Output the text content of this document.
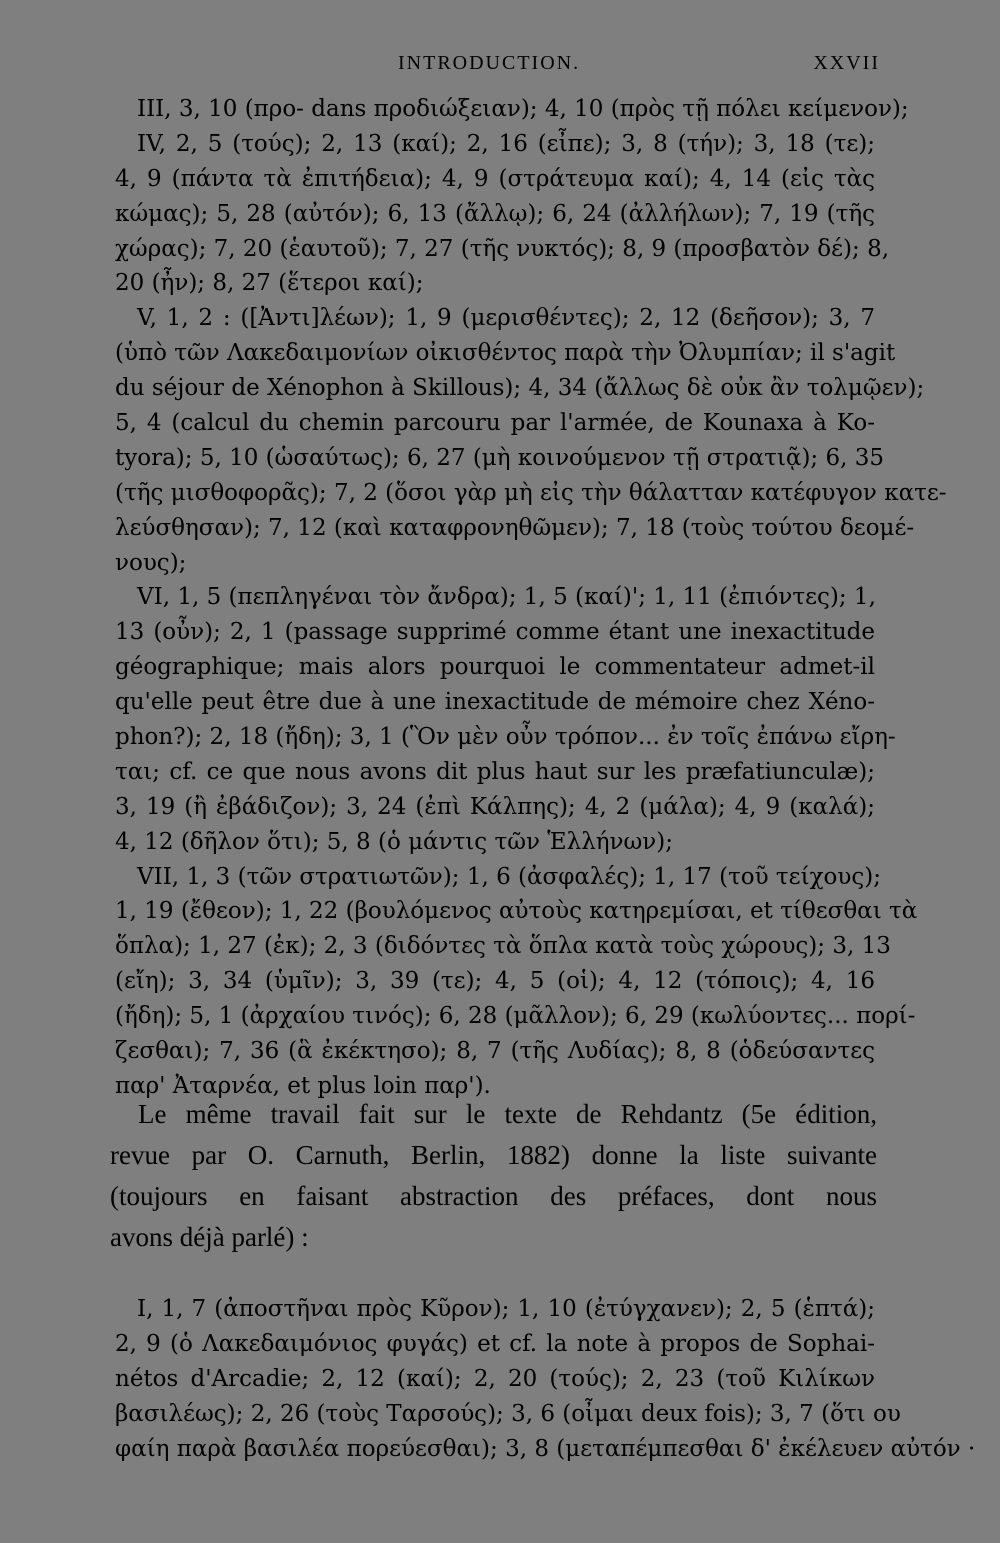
INTRODUCTION.	XXVII
III, 3, 10 (προ- dans προδιώξειαν); 4, 10 (πρὸς τῇ πόλει κείμενον);
IV, 2, 5 (τούς); 2, 13 (καί); 2, 16 (εἶπε); 3, 8 (τήν); 3, 18 (τε);
4, 9 (πάντα τὰ ἐπιτήδεια); 4, 9 (στράτευμα καί); 4, 14 (εἰς τὰς
κώμας); 5, 28 (αὐτόν); 6, 13 (ἄλλῳ); 6, 24 (ἀλλήλων); 7, 19 (τῆς
χώρας); 7, 20 (ἑαυτοῦ); 7, 27 (τῆς νυκτός); 8, 9 (προσβατὸν δέ); 8,
20 (ἦν); 8, 27 (ἕτεροι καί);
V, 1, 2 : ([Ἀντι]λέων); 1, 9 (μερισθέντες); 2, 12 (δεῆσον); 3, 7
(ὑπὸ τῶν Λακεδαιμονίων οἰκισθέντος παρὰ τὴν Ὀλυμπίαν; il s'agit
du séjour de Xénophon à Skillous); 4, 34 (ἄλλως δὲ οὐκ ἂν τολμῷεν);
5, 4 (calcul du chemin parcouru par l'armée, de Kounaxa à Ko-
tyora); 5, 10 (ὡσαύτως); 6, 27 (μὴ κοινούμενον τῇ στρατιᾷ); 6, 35
(τῆς μισθοφορᾶς); 7, 2 (ὅσοι γὰρ μὴ εἰς τὴν θάλατταν κατέφυγον κατε-
λεύσθησαν); 7, 12 (καὶ καταφρονηθῶμεν); 7, 18 (τοὺς τούτου δεομέ-
νους);
VI, 1, 5 (πεπληγέναι τὸν ἄνδρα); 1, 5 (καί)'; 1, 11 (ἐπιόντες); 1,
13 (οὖν); 2, 1 (passage supprimé comme étant une inexactitude
géographique; mais alors pourquoi le commentateur admet-il
qu'elle peut être due à une inexactitude de mémoire chez Xéno-
phon?); 2, 18 (ἤδη); 3, 1 (Ὃν μὲν οὖν τρόπον... ἐν τοῖς ἐπάνω εἴρη-
ται; cf. ce que nous avons dit plus haut sur les præfatiunculæ);
3, 19 (ἢ ἐβάδιζον); 3, 24 (ἐπὶ Κάλπης); 4, 2 (μάλα); 4, 9 (καλά);
4, 12 (δῆλον ὅτι); 5, 8 (ὁ μάντις τῶν Ἑλλήνων);
VII, 1, 3 (τῶν στρατιωτῶν); 1, 6 (ἀσφαλές); 1, 17 (τοῦ τείχους);
1, 19 (ἔθεον); 1, 22 (βουλόμενος αὐτοὺς κατηρεμίσαι, et τίθεσθαι τὰ
ὅπλα); 1, 27 (ἐκ); 2, 3 (διδόντες τὰ ὅπλα κατὰ τοὺς χώρους); 3, 13
(εἴη); 3, 34 (ὑμῖν); 3, 39 (τε); 4, 5 (οἱ); 4, 12 (τόποις); 4, 16
(ἤδη); 5, 1 (ἀρχαίου τινός); 6, 28 (μᾶλλον); 6, 29 (κωλύοντες... πορί-
ζεσθαι); 7, 36 (ἃ ἐκέκτησο); 8, 7 (τῆς Λυδίας); 8, 8 (ὁδεύσαντες
παρ' Ἀταρνέα, et plus loin παρ').
Le même travail fait sur le texte de Rehdantz (5e édition,
revue par O. Carnuth, Berlin, 1882) donne la liste suivante
(toujours en faisant abstraction des préfaces, dont nous
avons déjà parlé) :
I, 1, 7 (ἀποστῆναι πρὸς Κῦρον); 1, 10 (ἐτύγχανεν); 2, 5 (ἑπτά);
2, 9 (ὁ Λακεδαιμόνιος φυγάς) et cf. la note à propos de Sophai-
nétos d'Arcadie; 2, 12 (καί); 2, 20 (τούς); 2, 23 (τοῦ Κιλίκων
βασιλέως); 2, 26 (τοὺς Ταρσούς); 3, 6 (οἶμαι deux fois); 3, 7 (ὅτι ου
φαίη παρὰ βασιλέα πορεύεσθαι); 3, 8 (μεταπέμπεσθαι δ' ἐκέλευεν αὐτόν ·
